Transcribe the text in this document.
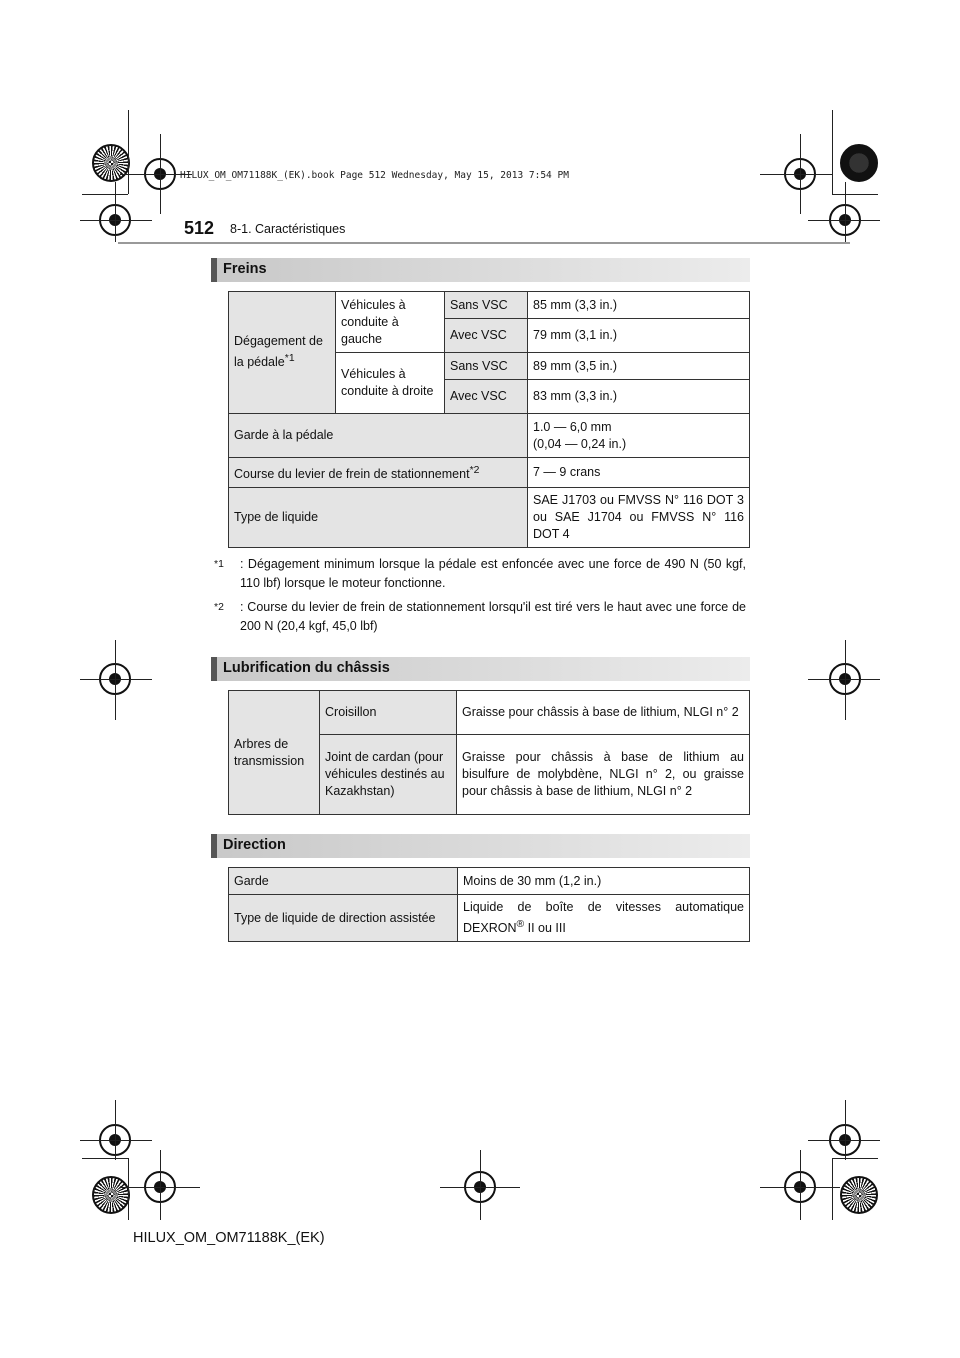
HILUX_OM_OM71188K_(EK).book Page 512 Wednesday, May 15, 2013 7:54 PM
512 8-1. Caractéristiques
Freins
Dégagement de la pédale$^{*1}$	Véhicules à conduite à gauche	Sans VSC	85 mm (3,3 in.)
		Avec VSC	79 mm (3,1 in.)
	Véhicules à conduite à droite	Sans VSC	89 mm (3,5 in.)
		Avec VSC	83 mm (3,3 in.)
Garde à la pédale			1.0 — 6,0 mm
(0,04 — 0,24 in.)

Course du levier de frein de stationnement$^{*2}$			7 — 9 crans
Type de liquide			SAE J1703 ou FMVSS N° 116 DOT 3 ou SAE J1704 ou FMVSS N° 116 DOT 4
$^{*1}$ : Dégagement minimum lorsque la pédale est enfoncée avec une force de 490 N (50 kgf, 110 lbf) lorsque le moteur fonctionne.
$^{*2}$ : Course du levier de frein de stationnement lorsqu'il est tiré vers le haut avec une force de 200 N (20,4 kgf, 45,0 lbf)
Lubrification du châssis
Arbres de transmission	Croisillon	Graisse pour châssis à base de lithium, NLGI n° 2
	Joint de cardan (pour véhicules destinés au Kazakhstan)	Graisse pour châssis à base de lithium au bisulfure de molybdène, NLGI n° 2, ou graisse pour châssis à base de lithium, NLGI n° 2
Direction
Garde	Moins de 30 mm (1,2 in.)
Type de liquide de direction assistée	Liquide de boîte de vitesses automatique DEXRON® II ou III
HILUX_OM_OM71188K_(EK)
